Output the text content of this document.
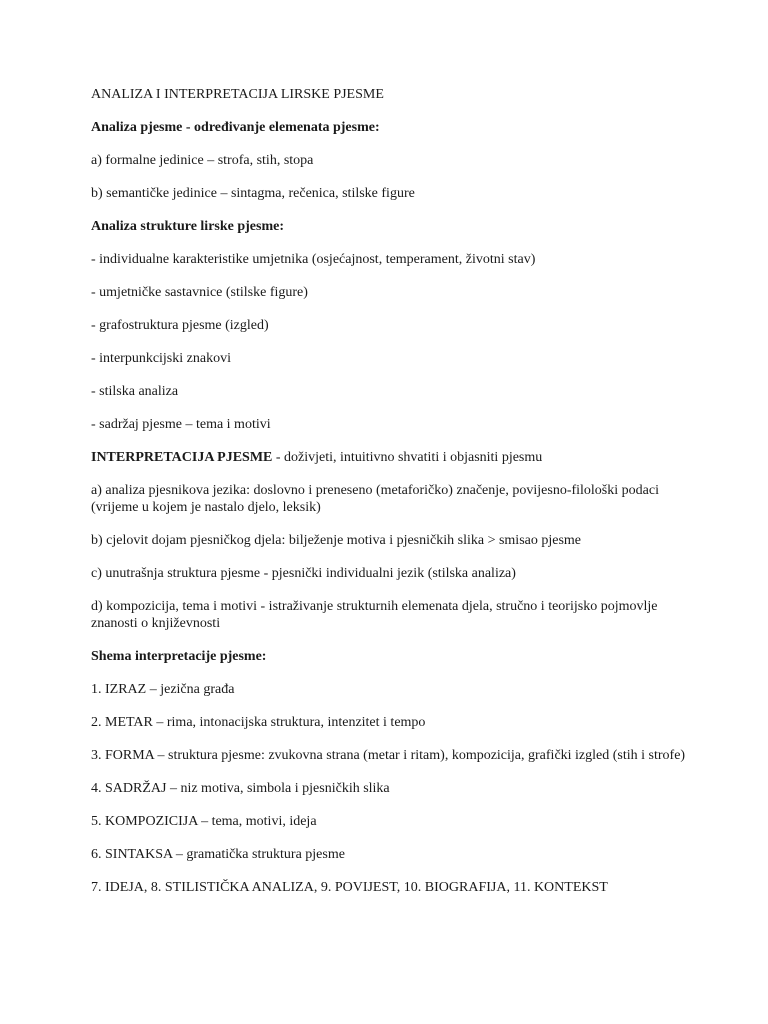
ANALIZA I INTERPRETACIJA LIRSKE PJESME

Analiza pjesme - određivanje elemenata pjesme:

a) formalne jedinice – strofa, stih, stopa

b) semantičke jedinice – sintagma, rečenica, stilske figure

Analiza strukture lirske pjesme:

- individualne karakteristike umjetnika (osjećajnost, temperament, životni stav)

- umjetničke sastavnice (stilske figure)

- grafostruktura pjesme (izgled)

- interpunkcijski znakovi

- stilska analiza

- sadržaj pjesme – tema i motivi

INTERPRETACIJA PJESME - doživjeti, intuitivno shvatiti i objasniti pjesmu

a) analiza pjesnikova jezika: doslovno i preneseno (metaforičko) značenje, povijesno-filološki podaci (vrijeme u kojem je nastalo djelo, leksik)

b) cjelovit dojam pjesničkog djela: bilježenje motiva i pjesničkih slika > smisao pjesme

c) unutrašnja struktura pjesme - pjesnički individualni jezik (stilska analiza)

d) kompozicija, tema i motivi - istraživanje strukturnih elemenata djela, stručno i teorijsko pojmovlje znanosti o književnosti

Shema interpretacije pjesme:

1. IZRAZ – jezična građa

2. METAR – rima, intonacijska struktura, intenzitet i tempo

3. FORMA – struktura pjesme: zvukovna strana (metar i ritam), kompozicija, grafički izgled (stih i strofe)

4. SADRŽAJ – niz motiva, simbola i pjesničkih slika

5. KOMPOZICIJA – tema, motivi, ideja

6. SINTAKSA – gramatička struktura pjesme

7. IDEJA, 8. STILISTIČKA ANALIZA, 9. POVIJEST, 10. BIOGRAFIJA, 11. KONTEKST
